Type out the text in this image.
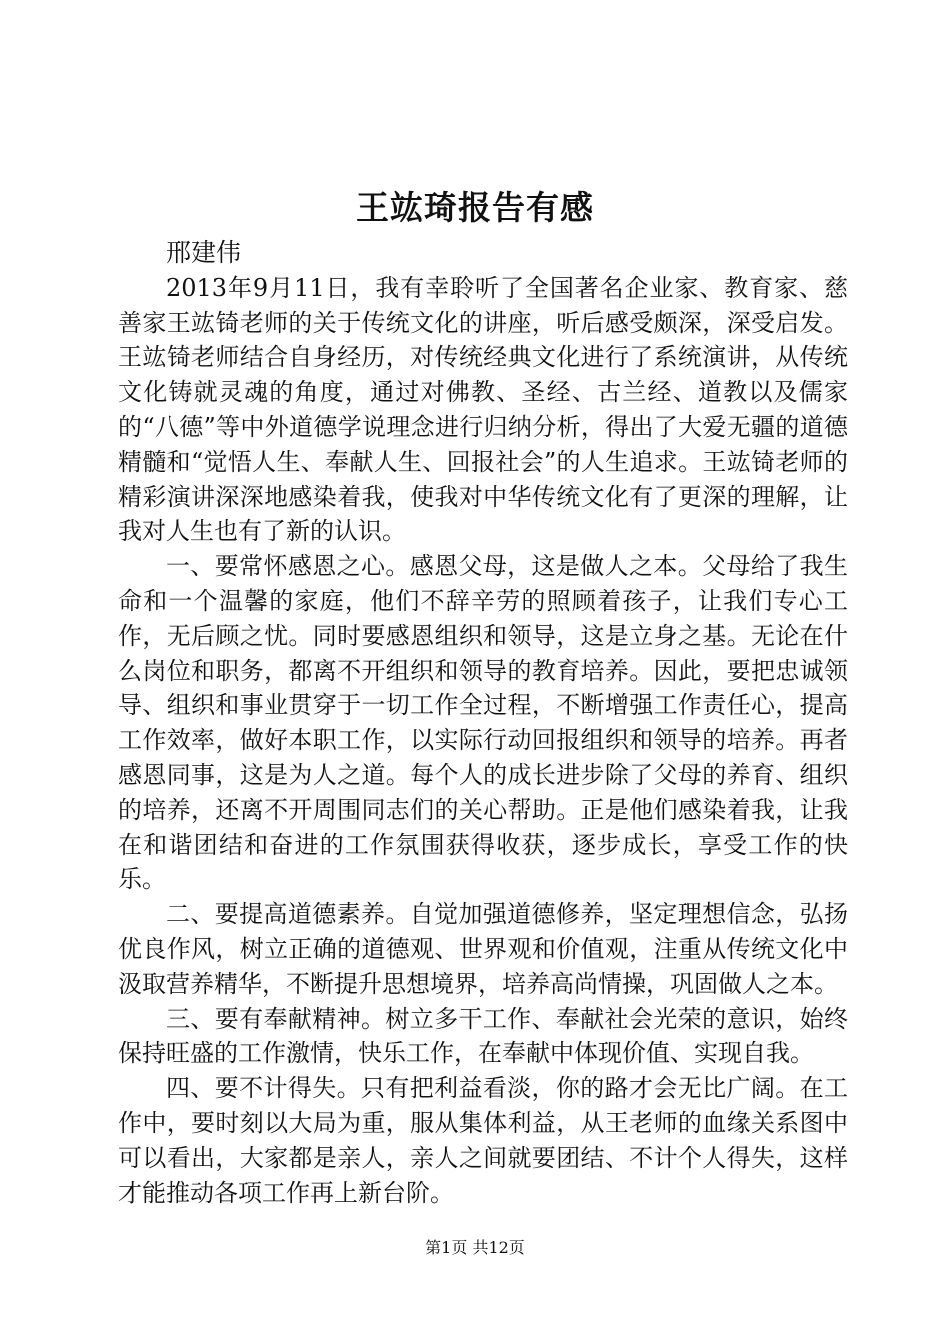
王竑琦报告有感

邢建伟

2013年9月11日，我有幸聆听了全国著名企业家、教育家、慈善家王竑锜老师的关于传统文化的讲座，听后感受颇深，深受启发。王竑锜老师结合自身经历，对传统经典文化进行了系统演讲，从传统文化铸就灵魂的角度，通过对佛教、圣经、古兰经、道教以及儒家的“八德”等中外道德学说理念进行归纳分析，得出了大爱无疆的道德精髓和“觉悟人生、奉献人生、回报社会”的人生追求。王竑锜老师的精彩演讲深深地感染着我，使我对中华传统文化有了更深的理解，让我对人生也有了新的认识。

一、要常怀感恩之心。感恩父母，这是做人之本。父母给了我生命和一个温馨的家庭，他们不辞辛劳的照顾着孩子，让我们专心工作，无后顾之忧。同时要感恩组织和领导，这是立身之基。无论在什么岗位和职务，都离不开组织和领导的教育培养。因此，要把忠诚领导、组织和事业贯穿于一切工作全过程，不断增强工作责任心，提高工作效率，做好本职工作，以实际行动回报组织和领导的培养。再者感恩同事，这是为人之道。每个人的成长进步除了父母的养育、组织的培养，还离不开周围同志们的关心帮助。正是他们感染着我，让我在和谐团结和奋进的工作氛围获得收获，逐步成长，享受工作的快乐。

二、要提高道德素养。自觉加强道德修养，坚定理想信念，弘扬优良作风，树立正确的道德观、世界观和价值观，注重从传统文化中汲取营养精华，不断提升思想境界，培养高尚情操，巩固做人之本。

三、要有奉献精神。树立多干工作、奉献社会光荣的意识，始终保持旺盛的工作激情，快乐工作，在奉献中体现价值、实现自我。

四、要不计得失。只有把利益看淡，你的路才会无比广阔。在工作中，要时刻以大局为重，服从集体利益，从王老师的血缘关系图中可以看出，大家都是亲人，亲人之间就要团结、不计个人得失，这样才能推动各项工作再上新台阶。

第1页 共12页
